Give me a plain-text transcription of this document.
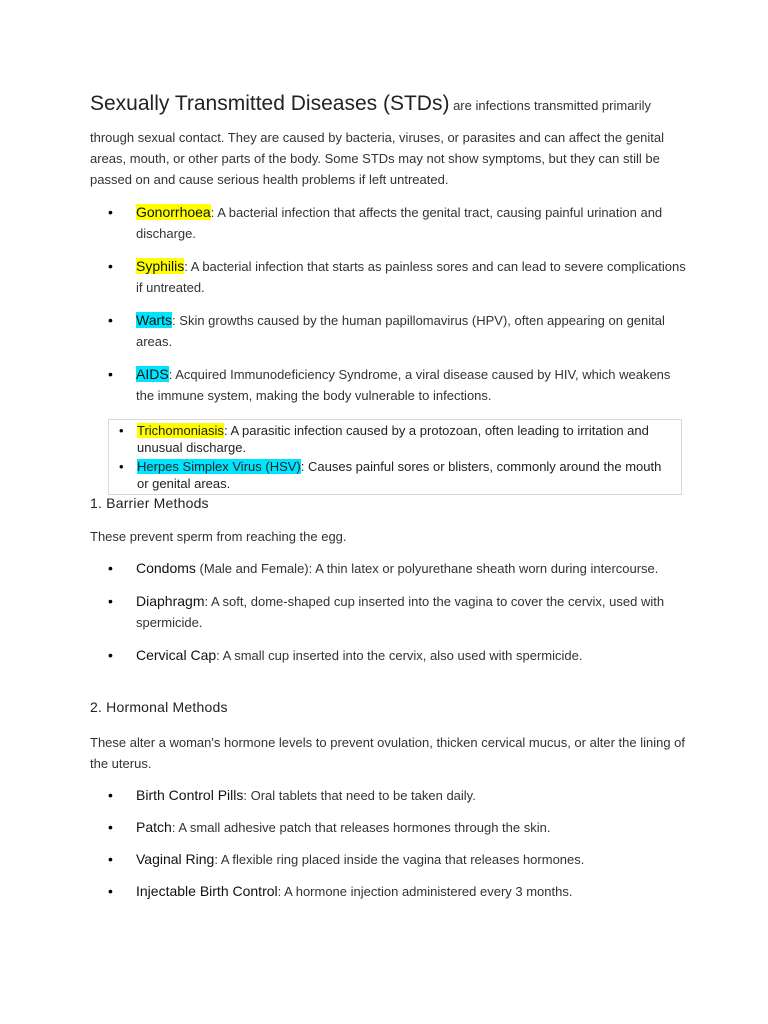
Sexually Transmitted Diseases (STDs) are infections transmitted primarily

through sexual contact. They are caused by bacteria, viruses, or parasites and can affect the genital areas, mouth, or other parts of the body. Some STDs may not show symptoms, but they can still be passed on and cause serious health problems if left untreated.

• Gonorrhoea: A bacterial infection that affects the genital tract, causing painful urination and discharge.
• Syphilis: A bacterial infection that starts as painless sores and can lead to severe complications if untreated.
• Warts: Skin growths caused by the human papillomavirus (HPV), often appearing on genital areas.
• AIDS: Acquired Immunodeficiency Syndrome, a viral disease caused by HIV, which weakens the immune system, making the body vulnerable to infections.
• Trichomoniasis: A parasitic infection caused by a protozoan, often leading to irritation and unusual discharge.
• Herpes Simplex Virus (HSV): Causes painful sores or blisters, commonly around the mouth or genital areas.
1. Barrier Methods

These prevent sperm from reaching the egg.

• Condoms (Male and Female): A thin latex or polyurethane sheath worn during intercourse.
• Diaphragm: A soft, dome-shaped cup inserted into the vagina to cover the cervix, used with spermicide.
• Cervical Cap: A small cup inserted into the cervix, also used with spermicide.
2. Hormonal Methods

These alter a woman's hormone levels to prevent ovulation, thicken cervical mucus, or alter the lining of the uterus.

• Birth Control Pills: Oral tablets that need to be taken daily.
• Patch: A small adhesive patch that releases hormones through the skin.
• Vaginal Ring: A flexible ring placed inside the vagina that releases hormones.
• Injectable Birth Control: A hormone injection administered every 3 months.
